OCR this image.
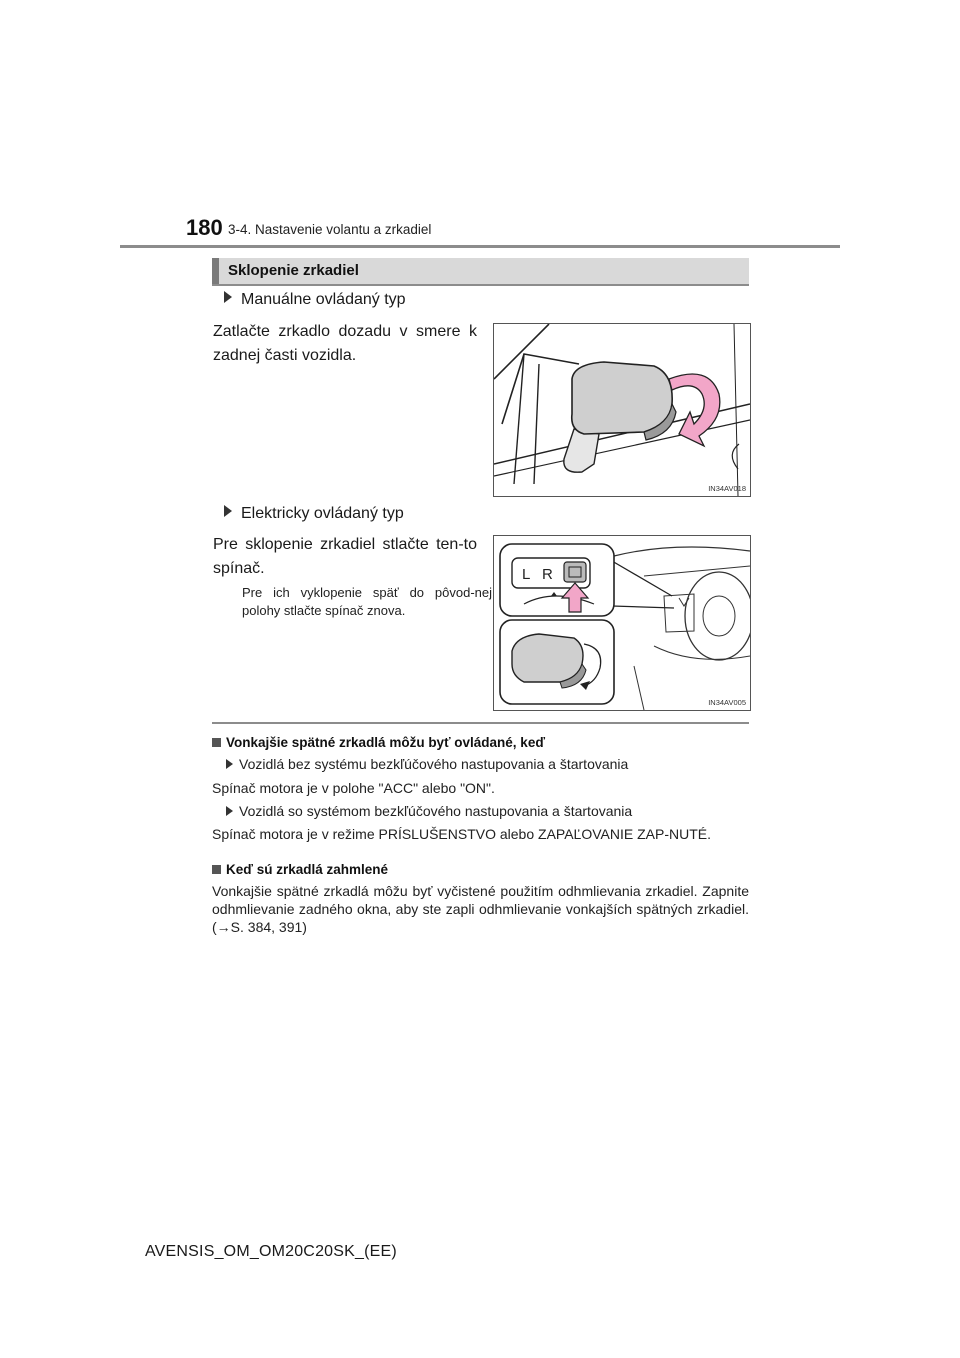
180 3-4. Nastavenie volantu a zrkadiel
Sklopenie zrkadiel
Manuálne ovládaný typ
Zatlačte zrkadlo dozadu v smere k zadnej časti vozidla.
IN34AV018
Elektricky ovládaný typ
Pre sklopenie zrkadiel stlačte ten-to spínač.
Pre ich vyklopenie späť do pôvod-nej polohy stlačte spínač znova.
L R
IN34AV005
Vonkajšie spätné zrkadlá môžu byť ovládané, keď
Vozidlá bez systému bezkľúčového nastupovania a štartovania
Spínač motora je v polohe "ACC" alebo "ON".
Vozidlá so systémom bezkľúčového nastupovania a štartovania
Spínač motora je v režime PRÍSLUŠENSTVO alebo ZAPAĽOVANIE ZAP-NUTÉ.
Keď sú zrkadlá zahmlené
Vonkajšie spätné zrkadlá môžu byť vyčistené použitím odhmlievania zrkadiel. Zapnite odhmlievanie zadného okna, aby ste zapli odhmlievanie vonkajších spätných zrkadiel. (→S. 384, 391)
AVENSIS_OM_OM20C20SK_(EE)
